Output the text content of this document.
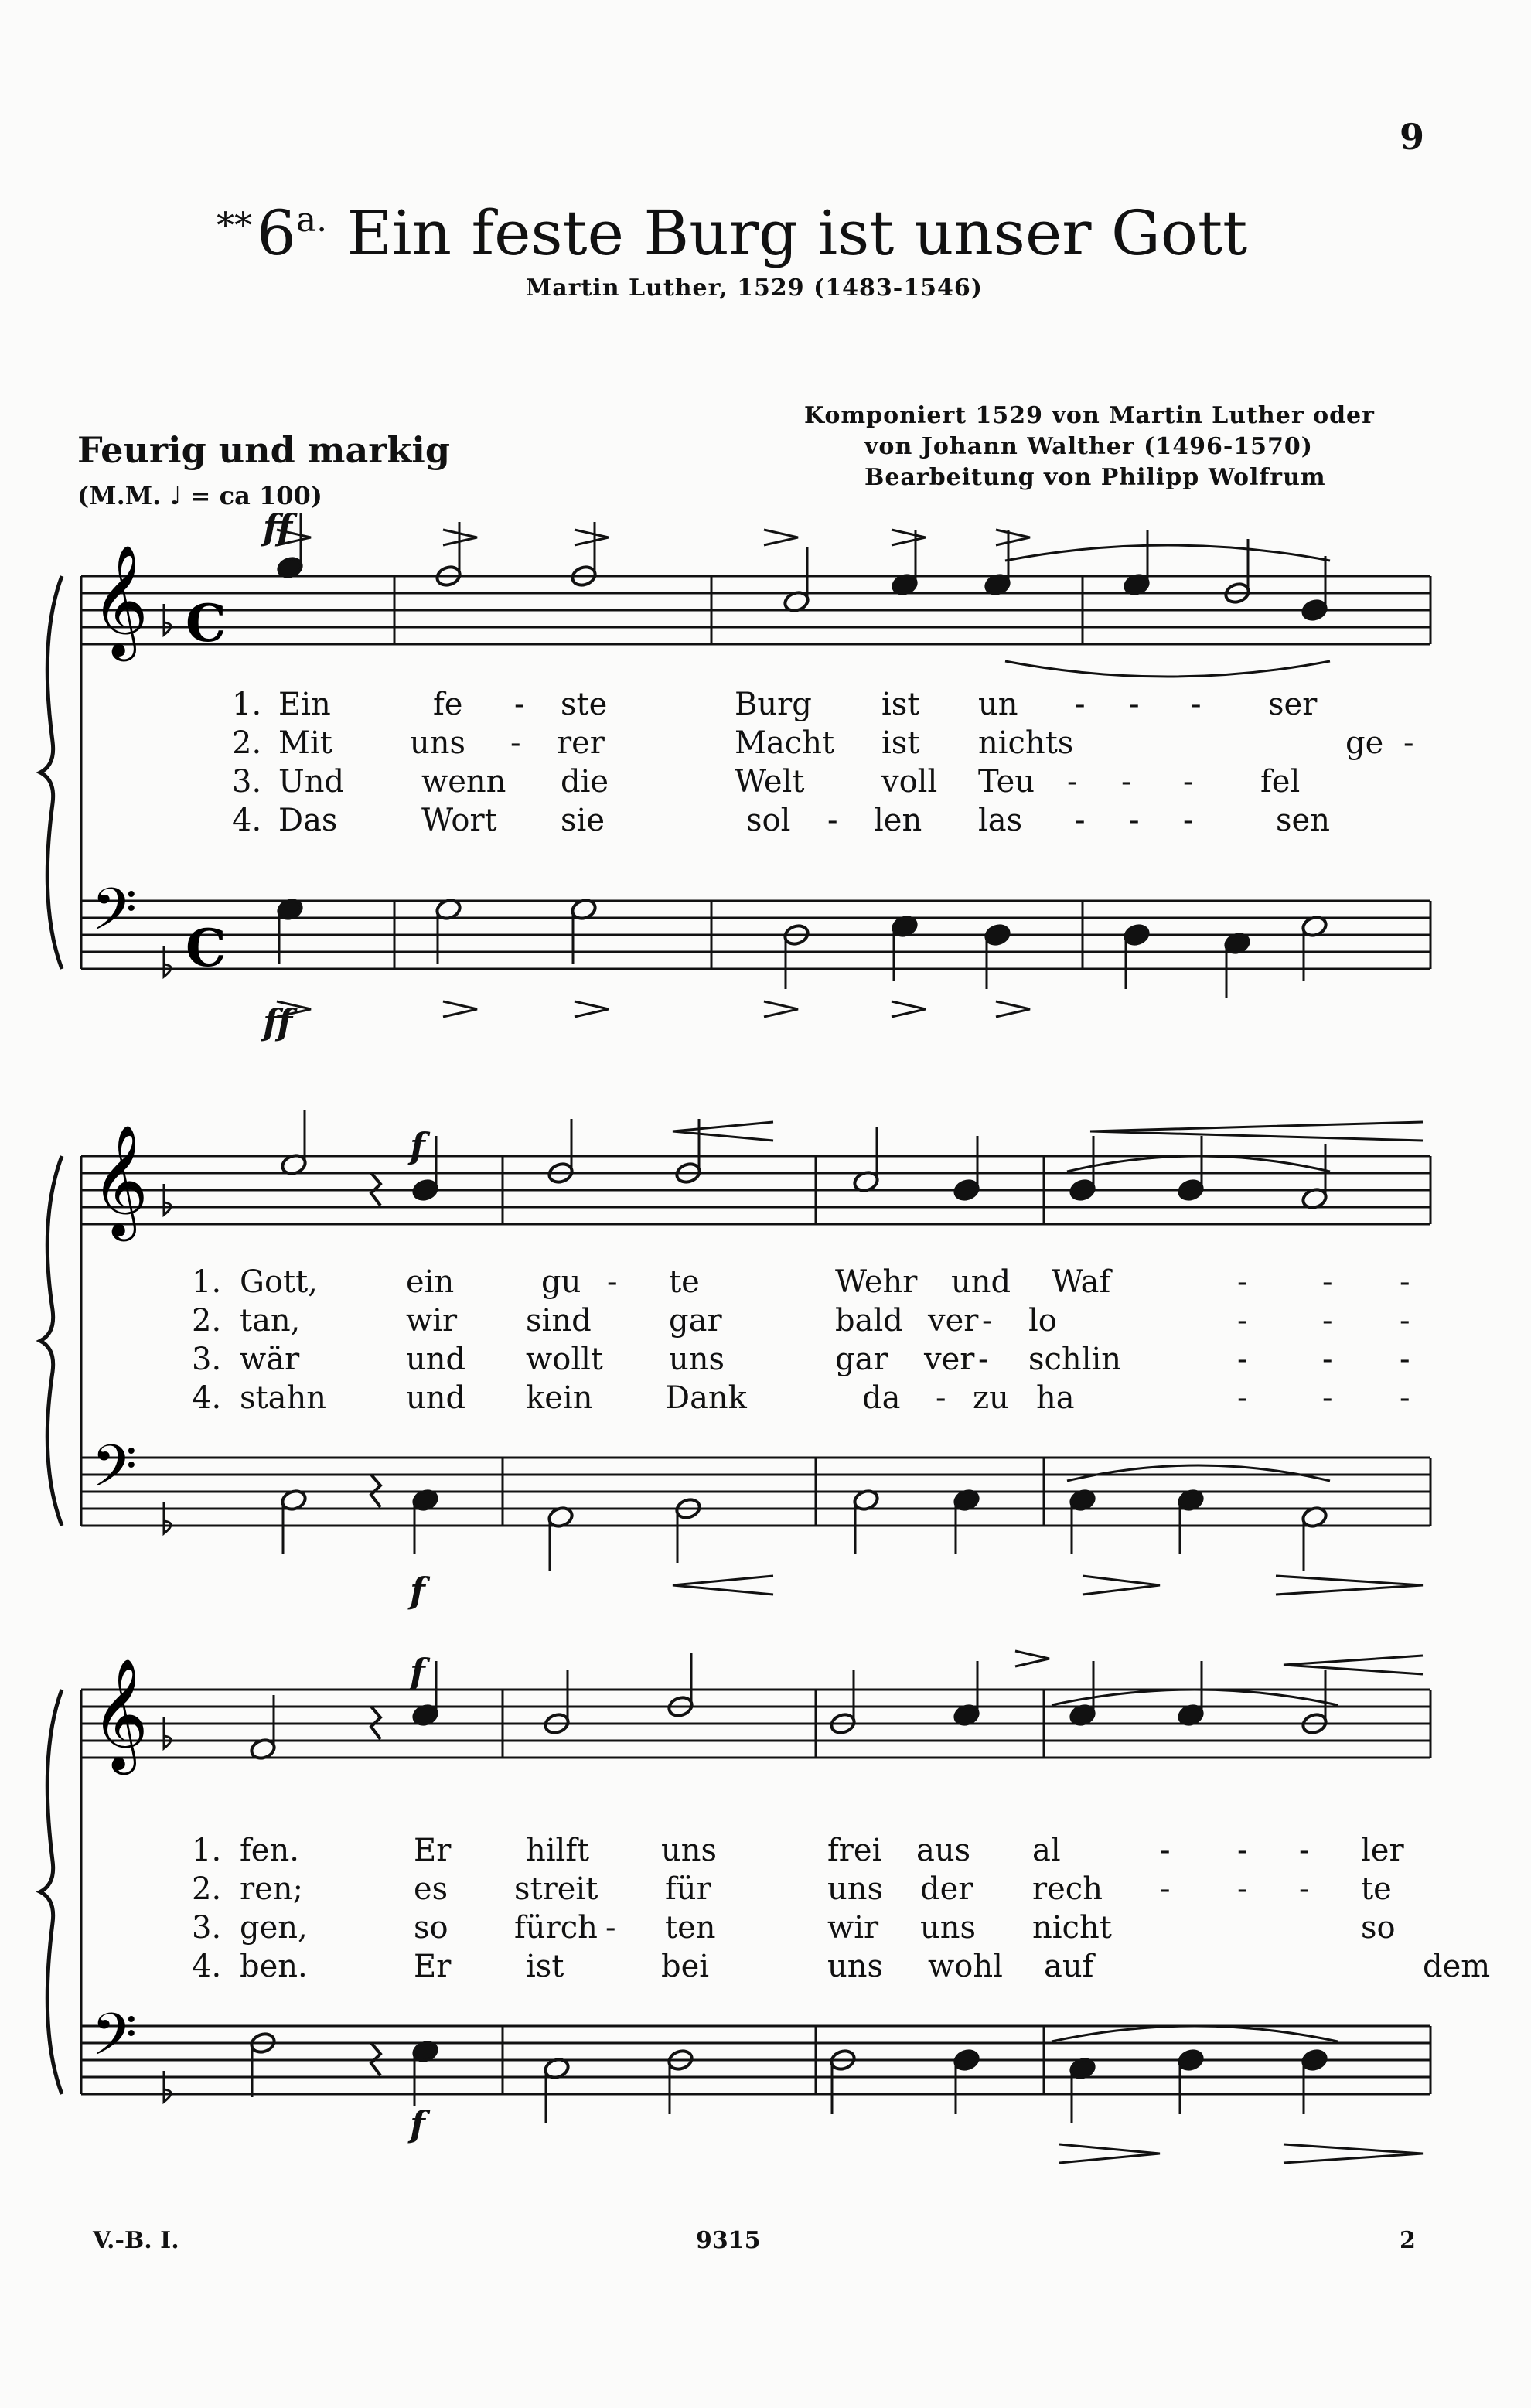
9
$^{**}6^{a.}$ Ein feste Burg ist unser Gott
Martin Luther, 1529 (1483-1546)
Komponiert 1529 von Martin Luther oder
von Johann Walther (1496-1570)
Bearbeitung von Philipp Wolfrum
Feurig und markig
(M.M. ♩ = ca 100)
𝄞
𝄢
C
C
𝄞
𝄢
𝄞
𝄢
1. Ein	fe - ste	Burg ist un - - - ser
2. Mit	uns - rer	Macht ist nichts	ge -
3. Und wenn die	Welt voll Teu - - - fel
4. Das	Wort sie	sol - len las - - -	sen
1. Gott,	ein	gu - te	Wehr und Waf	- - -
2. tan,	wir sind	gar	bald ver - lo	- - -
3. wär	und wollt uns	gar ver - schlin	- - -
4. stahn	und kein Dank	da - zu ha	- - -
1. fen.	Er hilft uns	frei aus al	- - - ler
2. ren;	es streit für	uns der rech - - - te
3. gen,	so fürch - ten	wir uns nicht	so
4. ben.	Er ist	bei	uns wohl auf	dem
ff
ff
f
f
f
f
V.-B. I.	9315	2
